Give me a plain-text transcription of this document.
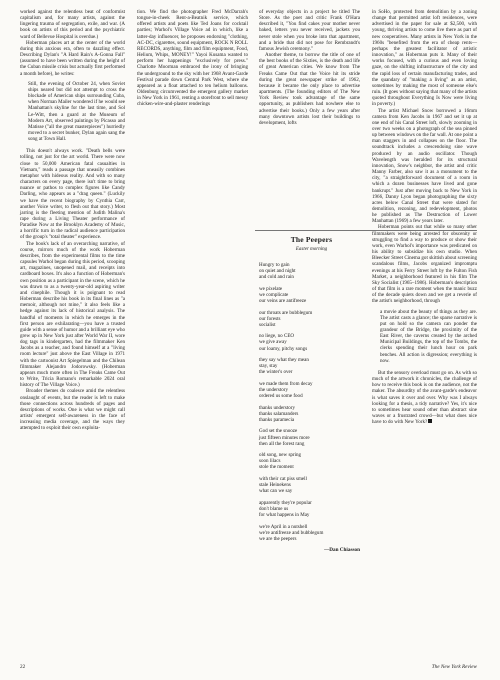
worked against the relentless beat of conformist capitalism and, for many artists, against the lingering trauma of segregation, exile, and war. (A book on artists of this period and the psychiatric ward of Bellevue Hospital is overdue.)

Hoberman places art at the center of the world during this anxious era, often to dazzling effect. Describing Dylan's "A Hard Rain's A-Gonna Fall" (assumed to have been written during the height of the Cuban missile crisis but actually first performed a month before), he writes:

Still, the evening of October 24, when Soviet ships neared but did not attempt to cross the blockade of American ships surrounding Cuba, when Norman Mailer wondered if he would see Manhattan's skyline for the last time, and Sol Le-Witt, then a guard at the Museum of Modern Art, observed paintings by Picasso and Matisse ("all the great masterpieces") hurriedly moved to a secret bunker, Dylan again sang the song at Town Hall.

This doesn't always work. "Death bells were tolling, not just for the art world. There were now close to 50,000 American fatal casualties in Vietnam," reads a passage that uneasily combines metaphor with hideous reality. And with so many characters on every page, there isn't time to bring nuance or pathos to complex figures like Candy Darling, who appears as a "drag queen." (Luckily we have the recent biography by Cynthia Carr, another Voice writer, to flesh out that story.) Most jarring is the fleeting mention of Judith Malina's rape during a Living Theater performance of Paradise Now at the Brooklyn Academy of Music, a horrific turn in the radical audience participation of the group's "total theater" experience.

The book's lack of an overarching narrative, of course, mirrors much of the work Hoberman describes, from the experimental films to the time capsules Warhol began during this period, scooping art, magazines, unopened mail, and receipts into cardboard boxes. It's also a function of Hoberman's own position as a participant in the scene, which he was drawn to as a twenty-year-old aspiring writer and cinephile. Though it is poignant to read Hoberman describe his book in its final lines as "a memoir, although not mine," it also feels like a hedge against its lack of historical analysis. The handful of moments in which he emerges in the first person are exhilarating—you have a trusted guide with a sense of humor and a brilliant eye who grew up in New York just after World War II, wore dog tags in kindergarten, had the filmmaker Ken Jacobs as a teacher, and found himself at a "living room lecture" just above the East Village in 1971 with the cartoonist Art Spiegelman and the Chilean filmmaker Alejandro Jodorowsky. (Hoberman appears much more often in The Freaks Came Out to Write, Tricia Romano's remarkable 2024 oral history of The Village Voice.)

Broader themes do coalesce amid the relentless onslaught of events, but the reader is left to make those connections across hundreds of pages and descriptions of works. One is what we might call artists' emergent self-awareness in the face of increasing media coverage, and the ways they attempted to exploit their own exploita-

tion. We find the photographer Fred McDarrah's tongue-in-cheek Rent-a-Beatnik service, which offered artists and poets like Ted Joans for cocktail parties; Warhol's Village Voice ad in which, like a latter-day influencer, he proposes endorsing "clothing, AC-DC, cigarettes, sound equipment, ROCK N ROLL RECORDS, anything, film and film equipment, Food, Helium, Whips, MONEY!" Yayoi Kusama wanted to perform her happenings "exclusively for press." Charlotte Moorman embraced the irony of bringing the underground to the sky with her 1968 Avant-Garde Festival parade down Central Park West, where she appeared as a float attached to ten helium balloons. Oldenburg circumvented the emergent gallery market in New York in 1961, renting a storefront to sell messy chicken-wire-and-plaster renderings

of everyday objects in a project he titled The Store. As the poet and critic Frank O'Hara described it, "You find cakes your mother never baked, letters you never received, jackets you never stole when you broke into that apartment, and a bride that did not pose for Rembrandt's famous Jewish ceremony."

Another theme, to borrow the title of one of the best books of the Sixties, is the death and life of great American cities. We know from The Freaks Came Out that the Voice hit its stride during the great newspaper strike of 1962, because it became the only place to advertise apartments. (The founding editors of The New York Review took advantage of the same opportunity, as publishers had nowhere else to advertise their books.) Only a few years after many downtown artists lost their buildings to development, lofts

The Peepers
Easter morning
Hungry to gain
on quiet and night
and cold and rain
we pixelate
we complicate
our veins are antifreeze
our throats are bubblegum
our forests
socialist
no liege, no CEO
we give away
our loamy, pitchy songs
they say what they mean
stay, stay
the winter's over
we made them from decay
the understory
ordered us some food
thanks understory
thanks salamanders
thanks paramecia
God set the snooze
just fifteen minutes more
then all the forest rang
old song, new spring
soon lilacs
stole the moment
with their cat piss smell
stale Heinekens
what can we say
apparently they're popular
don't blame us
for what happens in May
we're April in a nutshell
we're antifreeze and bubblegum
we are the peepers
—Dan Chiasson

in SoHo, protected from demolition by a zoning change that permitted artist loft residences, were advertised in the paper for sale at $2,500, with young, thriving artists to come live there as part of new cooperatives. Many artists in New York in the 1960s "benefited from the era of cheap rents—perhaps the greatest facilitator of artistic innovation," as Hoberman puts it. Many of their works focused, with a curious and even loving gaze, on the shifting infrastructure of the city and the rapid loss of certain manufacturing trades, and the quandary of "making a living" as an artist, sometimes by making the most of someone else's ruin. (It goes without saying that many of the artists quoted throughout Everything Is Now were living in poverty.)

The artist Michael Snow borrowed a 16mm camera from Ken Jacobs in 1967 and set it up at one end of his Canal Street loft, slowly zooming in over two weeks on a photograph of the sea pinned up between windows on the far wall. At one point a man staggers in and collapses on the floor. The soundtrack includes a crescendoing sine wave produced by an audio oscillator. Though Wavelength was heralded for its structural innovation, Snow's neighbor, the artist and critic Manny Farber, also saw it as a monument to the city, "a straightforward document of a room in which a dozen businesses have lived and gone bankrupt." Just after moving back to New York in 1966, Danny Lyon began photographing the sixty acres below Canal Street that were slated for demolition, rezoning, and redevelopment, photos he published as The Destruction of Lower Manhattan (1969) a few years later.

Hoberman points out that while so many other filmmakers were being arrested for obscenity or struggling to find a way to produce or show their work, even Warhol's importance was predicated on his ability to subsidize his own studio. When Bleecker Street Cinema got skittish about screening scandalous films, Jacobs organized impromptu evenings at his Ferry Street loft by the Fulton Fish Market, a neighborhood featured in his film The Sky Socialist (1965–1986). Hoberman's description of that film is a rare moment when the manic buzz of the decade quiets down and we get a reverie of the artist's neighborhood, through

a movie about the beauty of things as they are. The artist casts a glance; the sparse narrative is put on hold so the camera can ponder the grandeur of the Bridge, the proximity of the East River, the caverns created by the arched Municipal Buildings, the top of the Tombs, the clerks spending their lunch hour on park benches. All action is digression; everything is now.

But the sensory overload must go on. As with so much of the artwork it chronicles, the challenge of how to receive this book is on the audience, not the maker. The absurdity of the avant-garde's endeavor is what saves it over and over. Why was I always looking for a thesis, a tidy narrative? Yes, it's nice to sometimes hear sound other than abstract sine waves or a frustrated crowd—but what does nice have to do with New York?

22	The New York Review
